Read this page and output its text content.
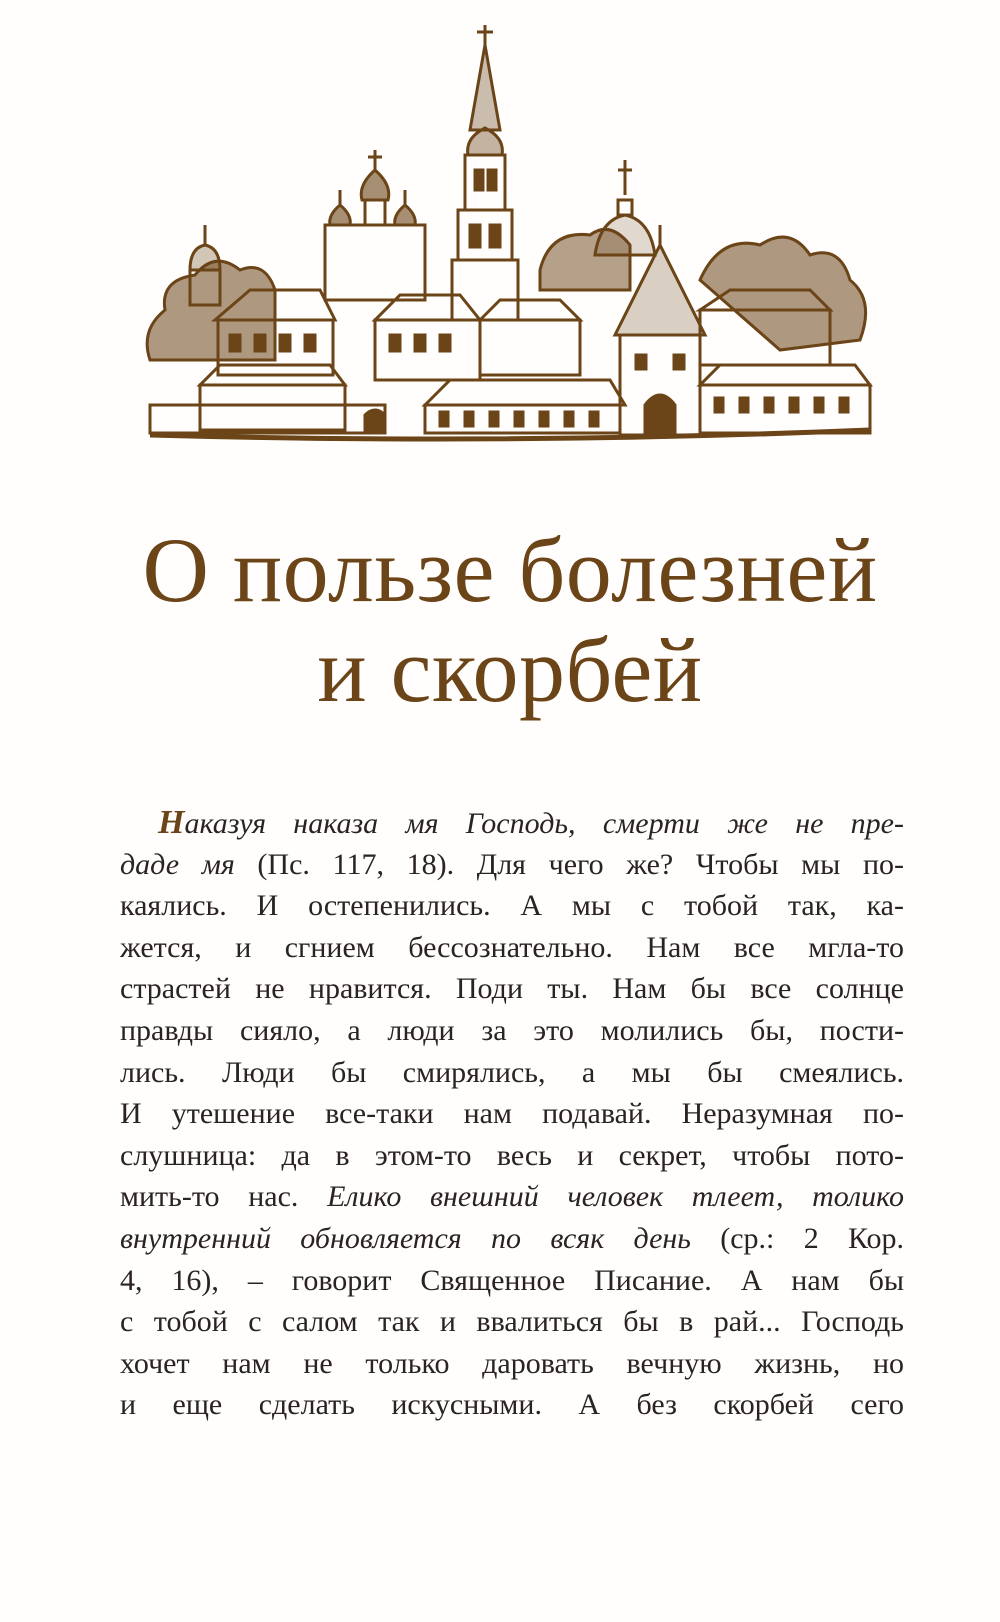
О пользе болезней
и скорбей
Наказуя наказа мя Господь, смерти же не пре-
даде мя (Пс. 117, 18). Для чего же? Чтобы мы по-
каялись. И остепенились. А мы с тобой так, ка-
жется, и сгнием бессознательно. Нам все мгла-то
страстей не нравится. Поди ты. Нам бы все солнце
правды сияло, а люди за это молились бы, пости-
лись. Люди бы смирялись, а мы бы смеялись.
И утешение все-таки нам подавай. Неразумная по-
слушница: да в этом-то весь и секрет, чтобы пото-
мить-то нас. Елико внешний человек тлеет, толико
внутренний обновляется по всяк день (ср.: 2 Кор.
4, 16), – говорит Священное Писание. А нам бы
с тобой с салом так и ввалиться бы в рай... Господь
хочет нам не только даровать вечную жизнь, но
и еще сделать искусными. А без скорбей сего
